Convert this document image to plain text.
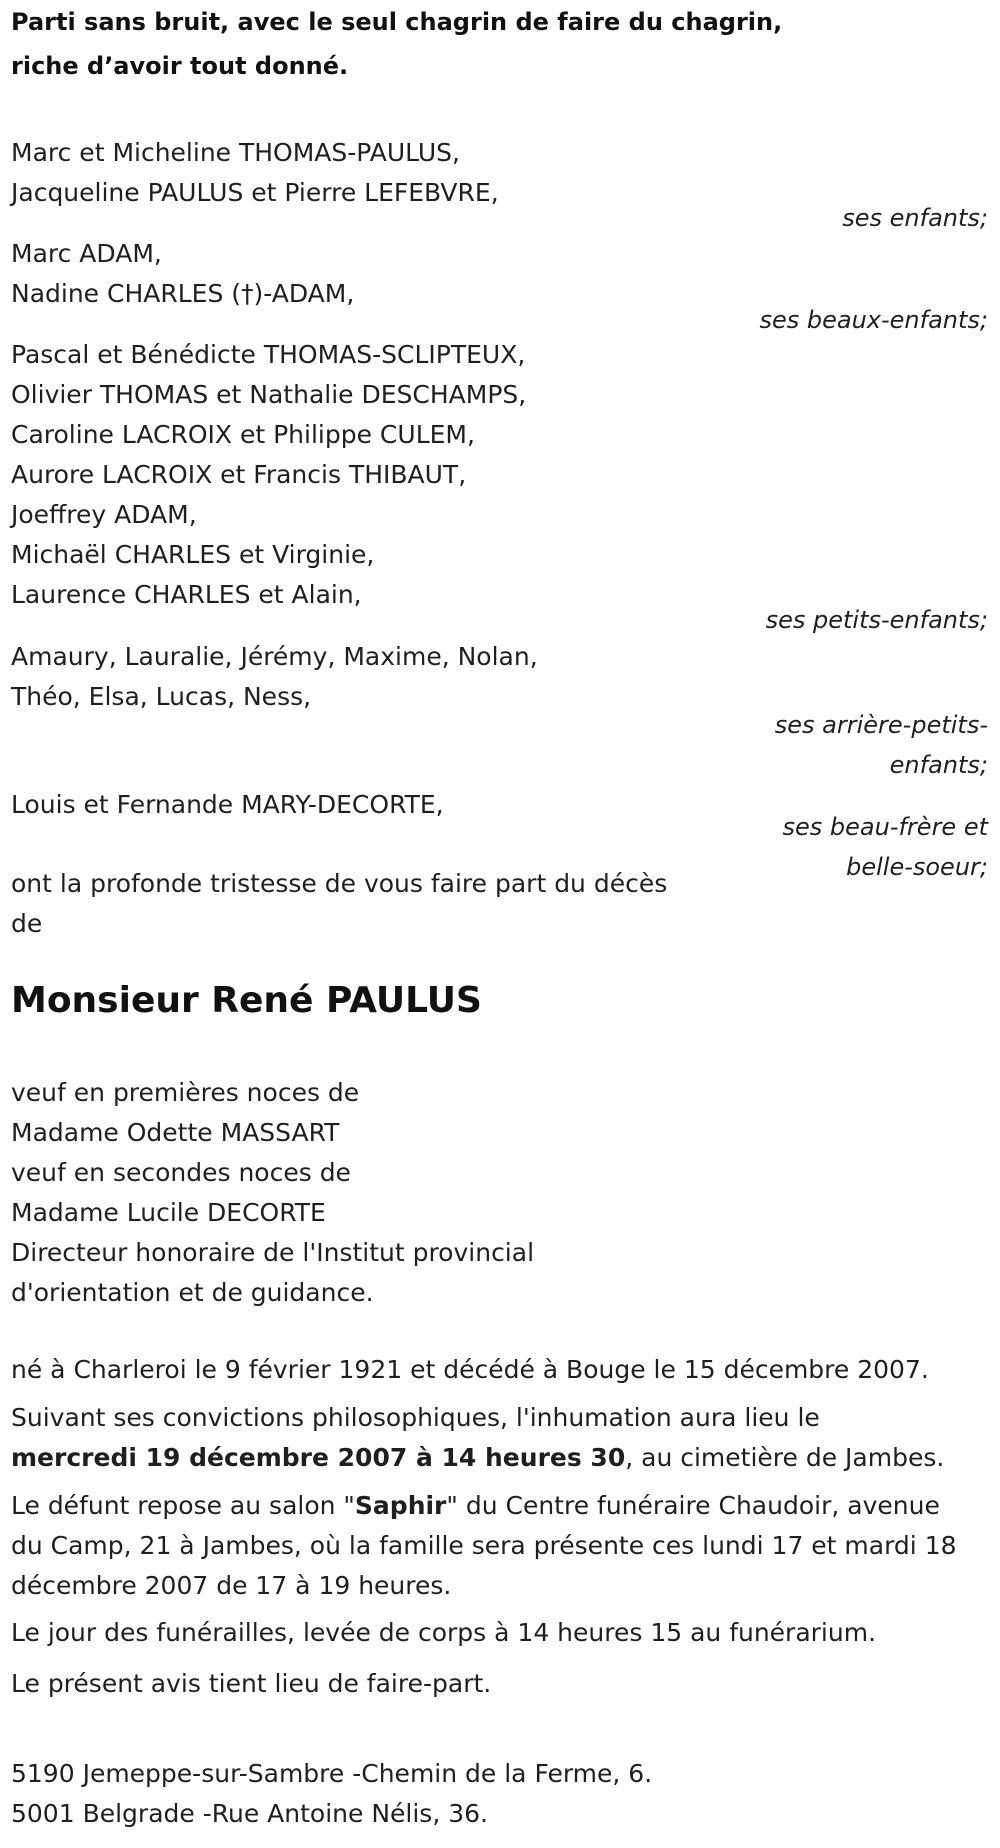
Parti sans bruit, avec le seul chagrin de faire du chagrin,

riche d’avoir tout donné.

Marc et Micheline THOMAS-PAULUS,
Jacqueline PAULUS et Pierre LEFEBVRE,
ses enfants;
Marc ADAM,
Nadine CHARLES (†)-ADAM,
ses beaux-enfants;
Pascal et Bénédicte THOMAS-SCLIPTEUX,
Olivier THOMAS et Nathalie DESCHAMPS,
Caroline LACROIX et Philippe CULEM,
Aurore LACROIX et Francis THIBAUT,
Joeffrey ADAM,
Michaël CHARLES et Virginie,
Laurence CHARLES et Alain,
ses petits-enfants;
Amaury, Lauralie, Jérémy, Maxime, Nolan,
Théo, Elsa, Lucas, Ness,
ses arrière-petits-
enfants;
Louis et Fernande MARY-DECORTE,
ses beau-frère et
belle-soeur;
ont la profonde tristesse de vous faire part du décès
de
Monsieur René PAULUS
veuf en premières noces de
Madame Odette MASSART
veuf en secondes noces de
Madame Lucile DECORTE
Directeur honoraire de l'Institut provincial
d'orientation et de guidance.

né à Charleroi le 9 février 1921 et décédé à Bouge le 15 décembre 2007.

Suivant ses convictions philosophiques, l'inhumation aura lieu le
mercredi 19 décembre 2007 à 14 heures 30, au cimetière de Jambes.
Le défunt repose au salon "Saphir" du Centre funéraire Chaudoir, avenue
du Camp, 21 à Jambes, où la famille sera présente ces lundi 17 et mardi 18
décembre 2007 de 17 à 19 heures.

Le jour des funérailles, levée de corps à 14 heures 15 au funérarium.

Le présent avis tient lieu de faire-part.

5190 Jemeppe-sur-Sambre -Chemin de la Ferme, 6.
5001 Belgrade -Rue Antoine Nélis, 36.
